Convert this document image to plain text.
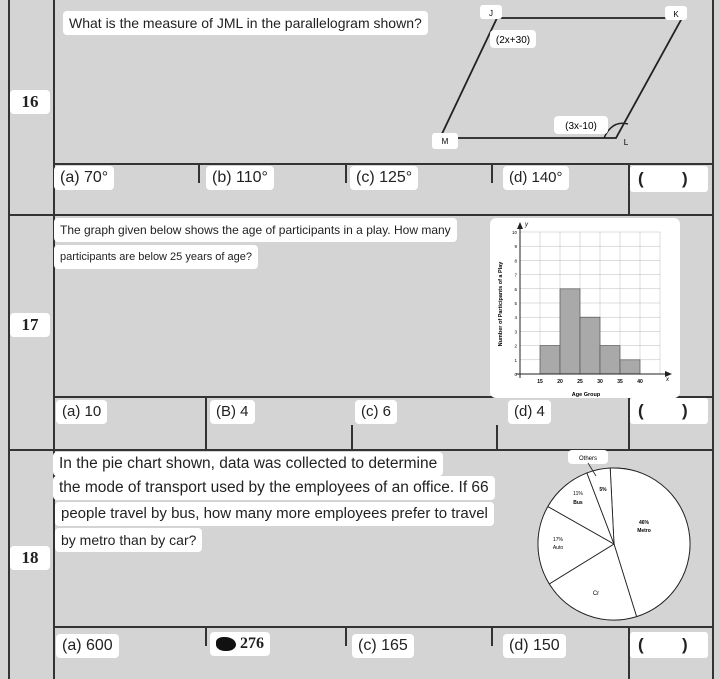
16
What is the measure of JML in the parallelogram shown?
J	K
M	L
(2x+30)
(3x-10)
(a) 70°	(b) 110°	(c) 125°	(d) 140°	( )
17
The graph given below shows the age of participants in a play. How many
participants are below 25 years of age?
15	20	25	30	35	40
0
1
2
3
4
5
6
7
8
9
10
y
x
Age Group
Number of Participants of a Play
(a) 10	(B) 4	(c) 6	(d) 4	( )
18
In the pie chart shown, data was collected to determine
the mode of transport used by the employees of an office. If 66
people travel by bus, how many more employees prefer to travel
by metro than by car?
Others
5%
11%
Bus
17%
Auto
46%
Metro
Cr
(a) 600	276	(c) 165	(d) 150	( )
